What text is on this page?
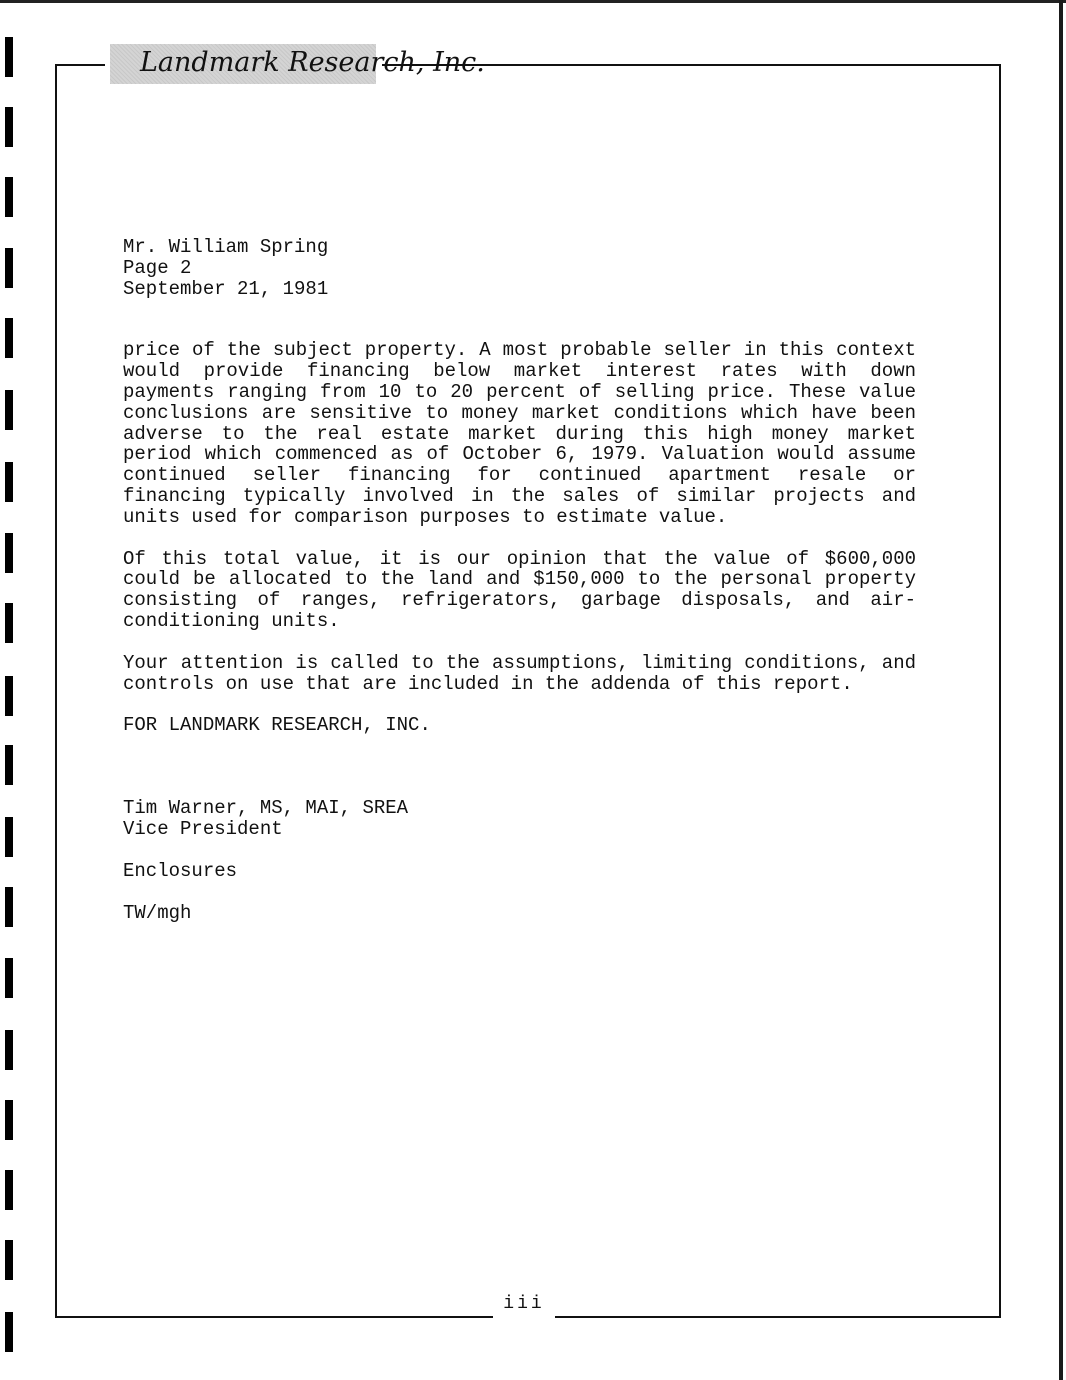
Landmark Research, Inc.
Mr. William Spring
Page 2
September 21, 1981
price of the subject property. A most probable seller in this context would provide financing below market interest rates with down payments ranging from 10 to 20 percent of selling price. These value conclusions are sensitive to money market conditions which have been adverse to the real estate market during this high money market period which commenced as of October 6, 1979. Valuation would assume continued seller financing for continued apartment resale or financing typically involved in the sales of similar projects and units used for comparison purposes to estimate value.
Of this total value, it is our opinion that the value of $600,000 could be allocated to the land and $150,000 to the personal property consisting of ranges, refrigerators, garbage disposals, and air-conditioning units.
Your attention is called to the assumptions, limiting conditions, and controls on use that are included in the addenda of this report.
FOR LANDMARK RESEARCH, INC.
Tim Warner, MS, MAI, SREA
Vice President
Enclosures
TW/mgh
iii
